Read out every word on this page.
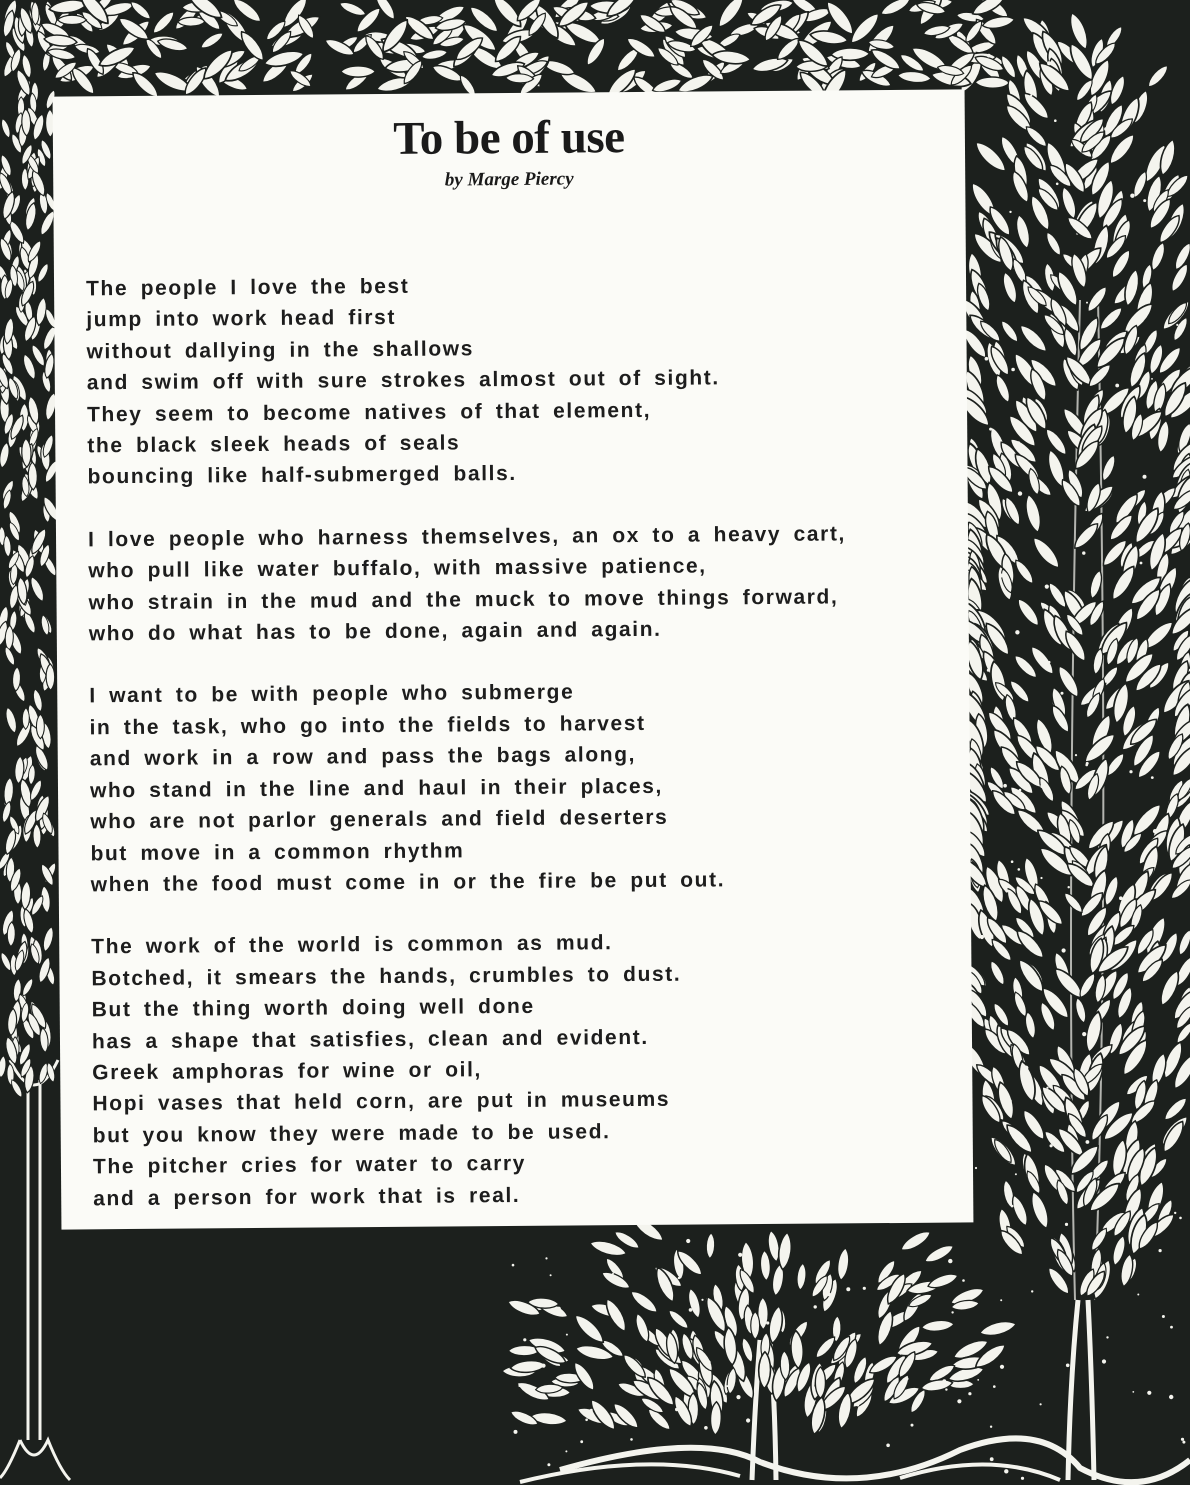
To be of use
by Marge Piercy
The people I love the best
jump into work head first
without dallying in the shallows
and swim off with sure strokes almost out of sight.
They seem to become natives of that element,
the black sleek heads of seals
bouncing like half-submerged balls.
I love people who harness themselves, an ox to a heavy cart,
who pull like water buffalo, with massive patience,
who strain in the mud and the muck to move things forward,
who do what has to be done, again and again.
I want to be with people who submerge
in the task, who go into the fields to harvest
and work in a row and pass the bags along,
who stand in the line and haul in their places,
who are not parlor generals and field deserters
but move in a common rhythm
when the food must come in or the fire be put out.
The work of the world is common as mud.
Botched, it smears the hands, crumbles to dust.
But the thing worth doing well done
has a shape that satisfies, clean and evident.
Greek amphoras for wine or oil,
Hopi vases that held corn, are put in museums
but you know they were made to be used.
The pitcher cries for water to carry
and a person for work that is real.
